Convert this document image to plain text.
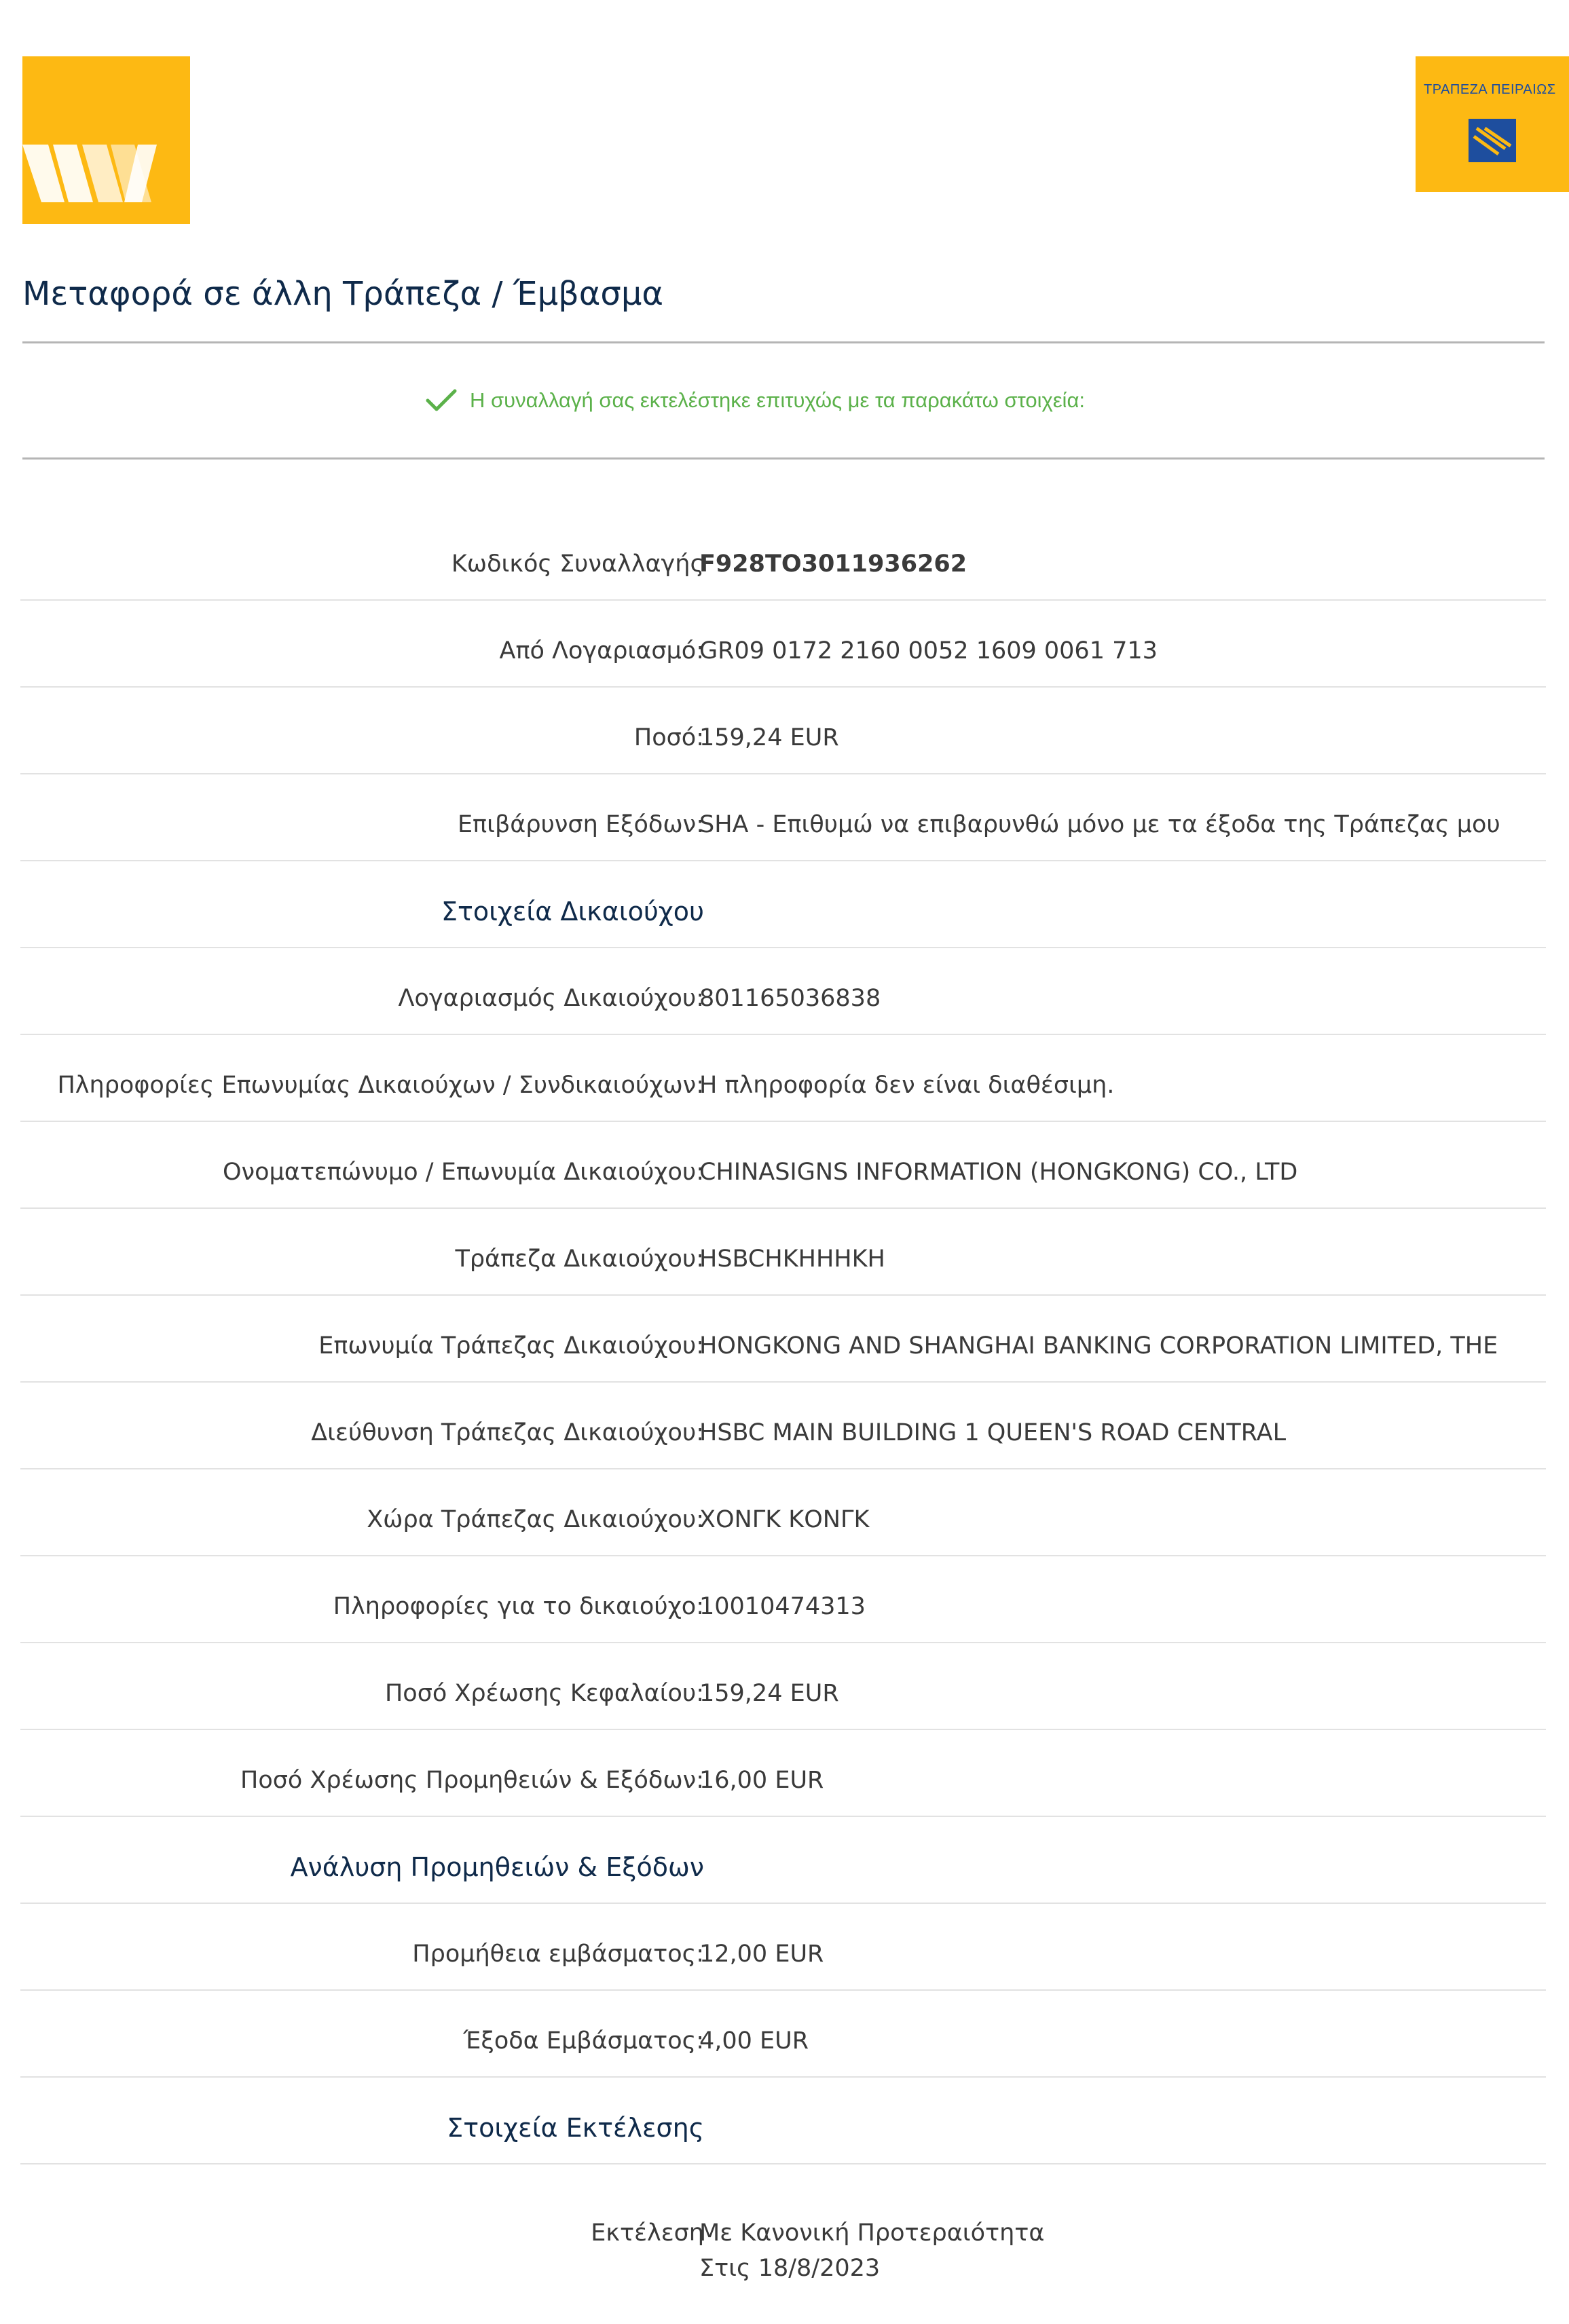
ΤΡΑΠΕΖΑ ΠΕΙΡΑΙΩΣ
Μεταφορά σε άλλη Τράπεζα / Έμβασμα
Η συναλλαγή σας εκτελέστηκε επιτυχώς με τα παρακάτω στοιχεία:
Κωδικός Συναλλαγής
F928TO3011936262
Από Λογαριασμό:
GR09 0172 2160 0052 1609 0061 713
Ποσό:
159,24 EUR
Επιβάρυνση Εξόδων:
SHA - Επιθυμώ να επιβαρυνθώ μόνο με τα έξοδα της Τράπεζας μου
Στοιχεία Δικαιούχου
Λογαριασμός Δικαιούχου:
801165036838
Πληροφορίες Επωνυμίας Δικαιούχων / Συνδικαιούχων:
Η πληροφορία δεν είναι διαθέσιμη.
Ονοματεπώνυμο / Επωνυμία Δικαιούχου:
CHINASIGNS INFORMATION (HONGKONG) CO., LTD
Τράπεζα Δικαιούχου:
HSBCHKHHHKH
Επωνυμία Τράπεζας Δικαιούχου:
HONGKONG AND SHANGHAI BANKING CORPORATION LIMITED, THE
Διεύθυνση Τράπεζας Δικαιούχου:
HSBC MAIN BUILDING 1 QUEEN'S ROAD CENTRAL
Χώρα Τράπεζας Δικαιούχου:
ΧΟΝΓΚ ΚΟΝΓΚ
Πληροφορίες για το δικαιούχο:
10010474313
Ποσό Χρέωσης Κεφαλαίου:
159,24 EUR
Ποσό Χρέωσης Προμηθειών & Εξόδων:
16,00 EUR
Ανάλυση Προμηθειών & Εξόδων
Προμήθεια εμβάσματος:
12,00 EUR
Έξοδα Εμβάσματος:
4,00 EUR
Στοιχεία Εκτέλεσης
Εκτέλεση
Με Κανονική Προτεραιότητα
Στις 18/8/2023
